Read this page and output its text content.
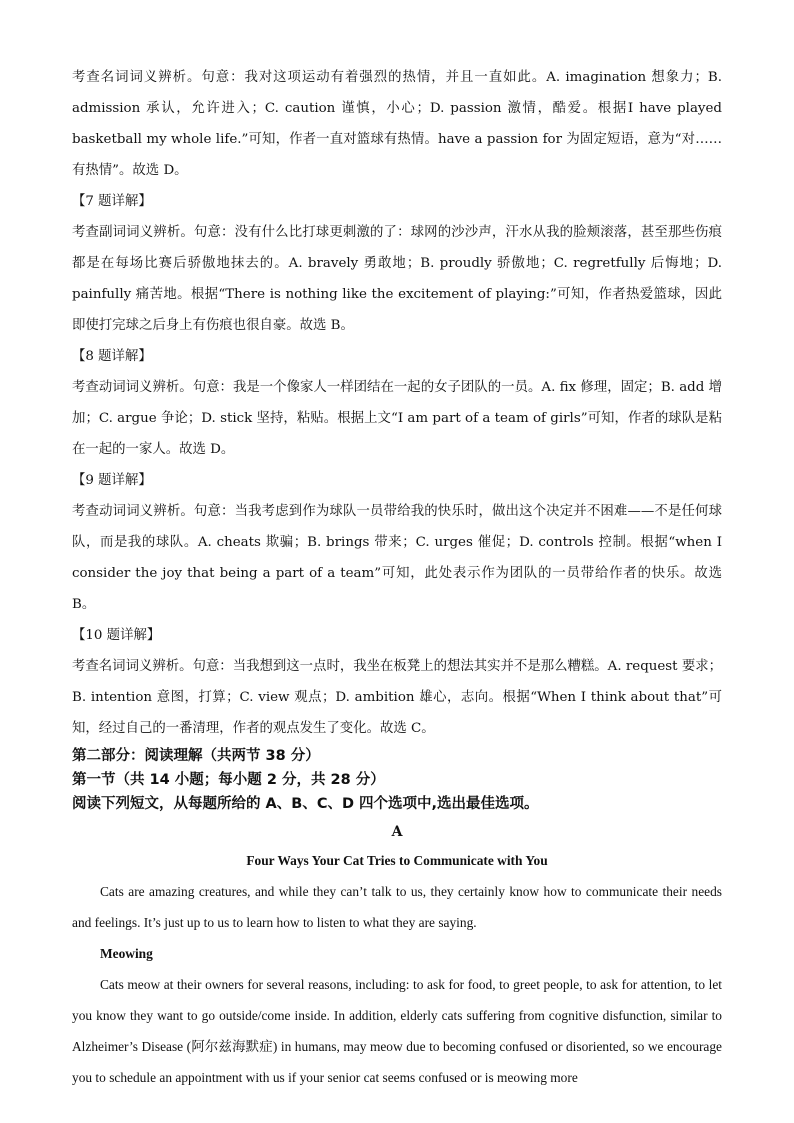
考查名词词义辨析。句意：我对这项运动有着强烈的热情，并且一直如此。A. imagination 想象力；B. admission 承认，允许进入；C. caution 谨慎，小心；D. passion 激情，酷爱。根据I have played basketball my whole life.”可知，作者一直对篮球有热情。have a passion for 为固定短语，意为“对……有热情”。故选 D。

【7 题详解】

考查副词词义辨析。句意：没有什么比打球更刺激的了：球网的沙沙声，汗水从我的脸颊滚落，甚至那些伤痕都是在每场比赛后骄傲地抹去的。A. bravely 勇敢地；B. proudly 骄傲地；C. regretfully 后悔地；D. painfully 痛苦地。根据“There is nothing like the excitement of playing:”可知，作者热爱篮球，因此即使打完球之后身上有伤痕也很自豪。故选 B。

【8 题详解】

考查动词词义辨析。句意：我是一个像家人一样团结在一起的女子团队的一员。A. fix 修理，固定；B. add 增加；C. argue 争论；D. stick 坚持，粘贴。根据上文“I am part of a team of girls”可知，作者的球队是粘在一起的一家人。故选 D。

【9 题详解】

考查动词词义辨析。句意：当我考虑到作为球队一员带给我的快乐时，做出这个决定并不困难——不是任何球队，而是我的球队。A. cheats 欺骗；B. brings 带来；C. urges 催促；D. controls 控制。根据“when I consider the joy that being a part of a team”可知，此处表示作为团队的一员带给作者的快乐。故选 B。

【10 题详解】

考查名词词义辨析。句意：当我想到这一点时，我坐在板凳上的想法其实并不是那么糟糕。A. request 要求；B. intention 意图，打算；C. view 观点；D. ambition 雄心，志向。根据“When I think about that”可知，经过自己的一番清理，作者的观点发生了变化。故选 C。

第二部分：阅读理解（共两节 38 分）

第一节（共 14 小题；每小题 2 分，共 28 分）

阅读下列短文，从每题所给的 A、B、C、D 四个选项中,选出最佳选项。

A
Four Ways Your Cat Tries to Communicate with You

Cats are amazing creatures, and while they can’t talk to us, they certainly know how to communicate their needs and feelings. It’s just up to us to learn how to listen to what they are saying.

Meowing

Cats meow at their owners for several reasons, including: to ask for food, to greet people, to ask for attention, to let you know they want to go outside/come inside. In addition, elderly cats suffering from cognitive disfunction, similar to Alzheimer’s Disease (阿尔兹海默症) in humans, may meow due to becoming confused or disoriented, so we encourage you to schedule an appointment with us if your senior cat seems confused or is meowing more
